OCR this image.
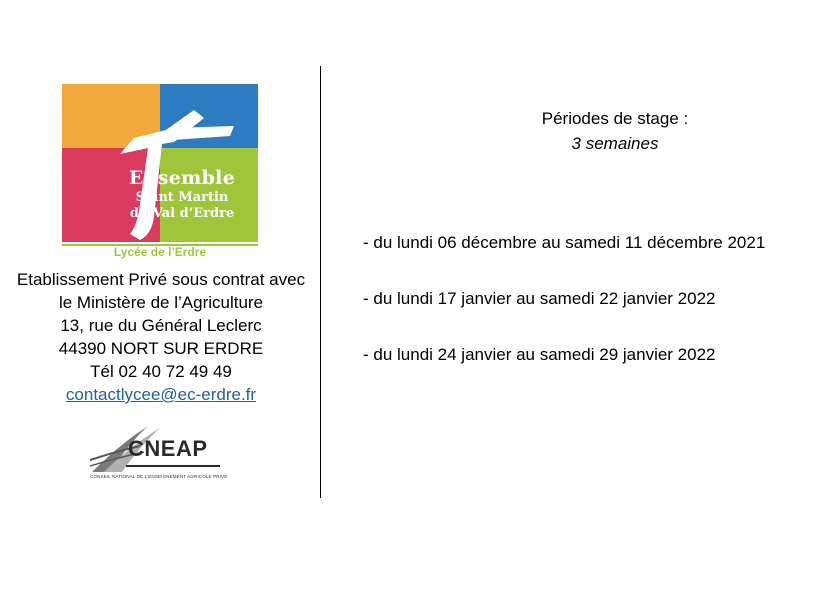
Ensemble
Saint Martin
du Val d’Erdre
Lycée de l’Erdre
Etablissement Privé sous contrat avec
le Ministère de l’Agriculture
13, rue du Général Leclerc
44390 NORT SUR ERDRE
Tél 02 40 72 49 49
contactlycee@ec-erdre.fr
CNEAP
CONSEIL NATIONAL DE L’ENSEIGNEMENT AGRICOLE PRIVÉ
Périodes de stage :
3 semaines
- du lundi 06 décembre au samedi 11 décembre 2021
- du lundi 17 janvier au samedi 22 janvier 2022
- du lundi 24 janvier au samedi 29 janvier 2022
